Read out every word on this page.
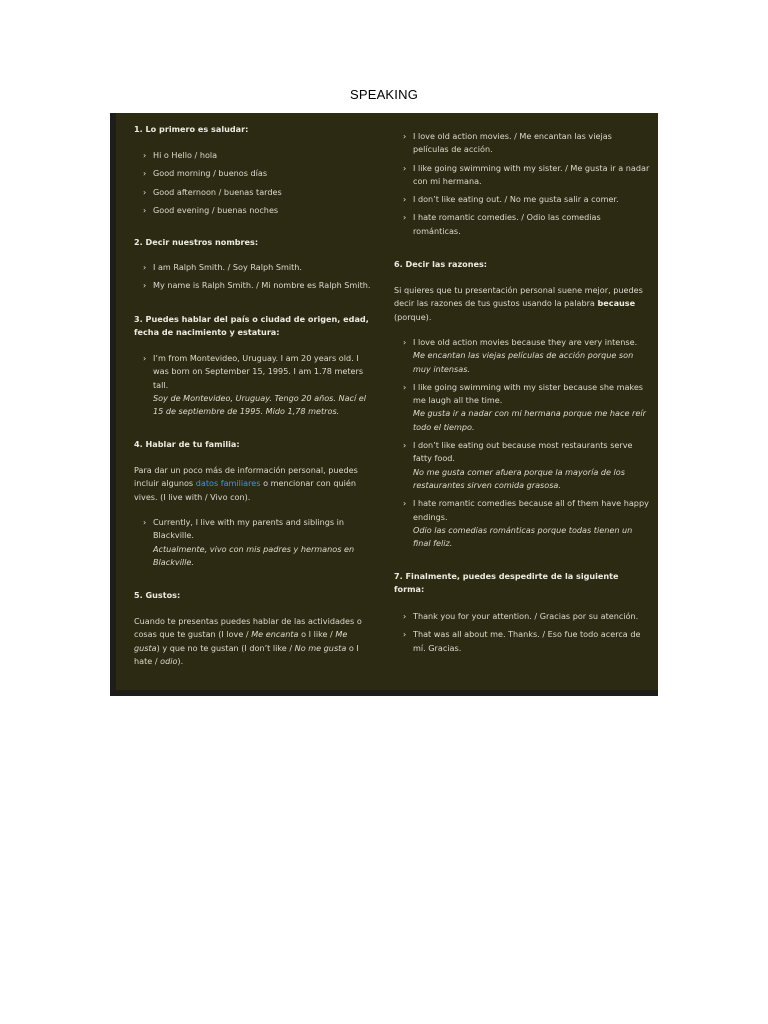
SPEAKING

1. Lo primero es saludar:

› Hi o Hello / hola
› Good morning / buenos días
› Good afternoon / buenas tardes
› Good evening / buenas noches

2. Decir nuestros nombres:

› I am Ralph Smith. / Soy Ralph Smith.
› My name is Ralph Smith. / Mi nombre es Ralph Smith.

3. Puedes hablar del país o ciudad de origen, edad, fecha de nacimiento y estatura:

› I’m from Montevideo, Uruguay. I am 20 years old. I was born on September 15, 1995. I am 1.78 meters tall.
Soy de Montevideo, Uruguay. Tengo 20 años. Nací el 15 de septiembre de 1995. Mido 1,78 metros.

4. Hablar de tu familia:

Para dar un poco más de información personal, puedes incluir algunos datos familiares o mencionar con quién vives. (I live with / Vivo con).

› Currently, I live with my parents and siblings in Blackville.
Actualmente, vivo con mis padres y hermanos en Blackville.

5. Gustos:

Cuando te presentas puedes hablar de las actividades o cosas que te gustan (I love / Me encanta o I like / Me gusta) y que no te gustan (I don’t like / No me gusta o I hate / odio).

› I love old action movies. / Me encantan las viejas películas de acción.
› I like going swimming with my sister. / Me gusta ir a nadar con mi hermana.
› I don’t like eating out. / No me gusta salir a comer.
› I hate romantic comedies. / Odio las comedias románticas.

6. Decir las razones:

Si quieres que tu presentación personal suene mejor, puedes decir las razones de tus gustos usando la palabra because (porque).

› I love old action movies because they are very intense.
Me encantan las viejas películas de acción porque son muy intensas.
› I like going swimming with my sister because she makes me laugh all the time.
Me gusta ir a nadar con mi hermana porque me hace reír todo el tiempo.
› I don’t like eating out because most restaurants serve fatty food.
No me gusta comer afuera porque la mayoría de los restaurantes sirven comida grasosa.
› I hate romantic comedies because all of them have happy endings.
Odio las comedias románticas porque todas tienen un final feliz.

7. Finalmente, puedes despedirte de la siguiente forma:

› Thank you for your attention. / Gracias por su atención.
› That was all about me. Thanks. / Eso fue todo acerca de mí. Gracias.
